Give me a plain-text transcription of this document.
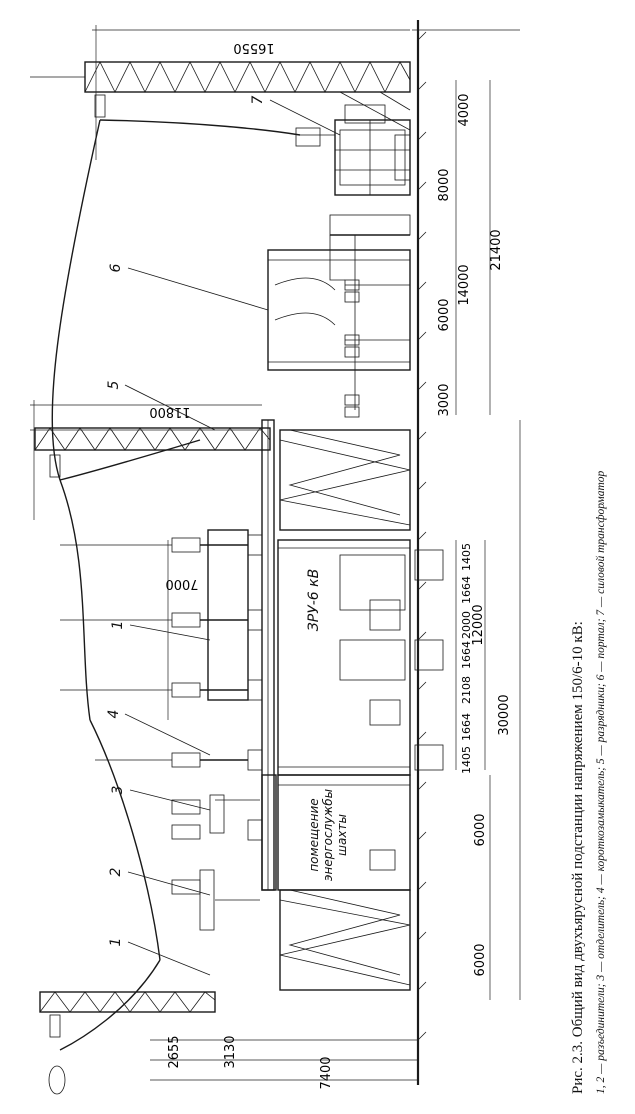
16550
11800
7000
4000
8000
14000
6000
3000
21400
30000
12000
6000
6000
2655	3130
7400
1405
1664
2000
1664
2108
1664
1405
ЗРУ-6 кВ
помещение энергослужбы шахты
7
6
5
1
4
3
2
1	Рис. 2.3. Общий вид двухъярусной подстанции напряжением 150/6-10 кВ: 1, 2 — разъединители; 3 — отделитель; 4 — короткозамыкатель; 5 — разрядники; 6 — портал; 7 — силовой трансформатор
